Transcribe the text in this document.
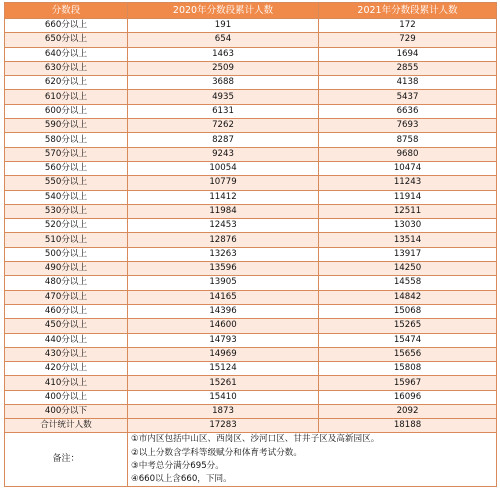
分数段	2020年分数段累计人数	2021年分数段累计人数
660分以上	191	172
650分以上	654	729
640分以上	1463	1694
630分以上	2509	2855
620分以上	3688	4138
610分以上	4935	5437
600分以上	6131	6636
590分以上	7262	7693
580分以上	8287	8758
570分以上	9243	9680
560分以上	10054	10474
550分以上	10779	11243
540分以上	11412	11914
530分以上	11984	12511
520分以上	12453	13030
510分以上	12876	13514
500分以上	13263	13917
490分以上	13596	14250
480分以上	13905	14558
470分以上	14165	14842
460分以上	14396	15068
450分以上	14600	15265
440分以上	14793	15474
430分以上	14969	15656
420分以上	15124	15808
410分以上	15261	15967
400分以上	15410	16096
400分以下	1873	2092
合计统计人数	17283	18188
备注：	①市内区包括中山区、西岗区、沙河口区、甘井子区及高新园区。
②以上分数含学科等级赋分和体育考试分数。
③中考总分满分695分。
④660以上含660，下同。	
